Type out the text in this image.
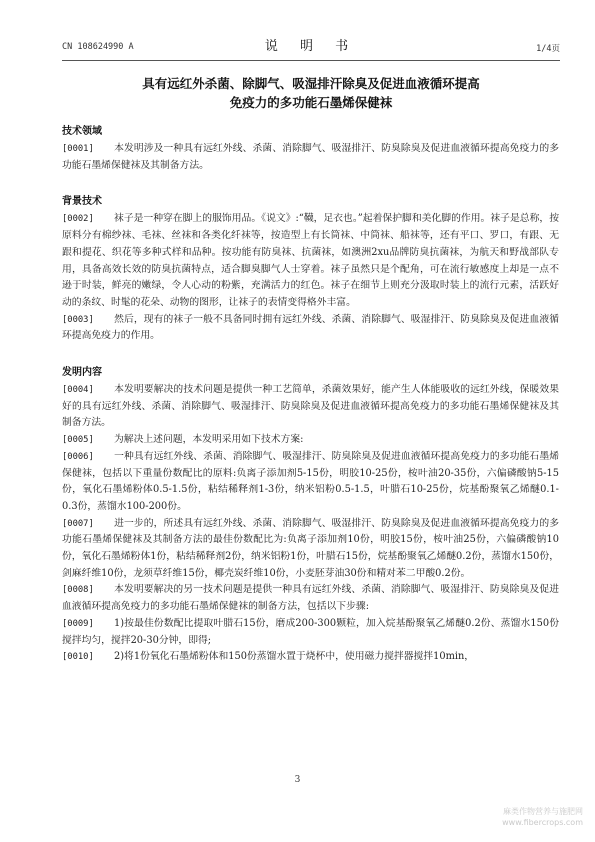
CN 108624990 A	说 明 书	1/4页
具有远红外杀菌、除脚气、吸湿排汗除臭及促进血液循环提高
免疫力的多功能石墨烯保健袜
技术领域

[0001] 本发明涉及一种具有远红外线、杀菌、消除脚气、吸湿排汗、防臭除臭及促进血液循环提高免疫力的多功能石墨烯保健袜及其制备方法。

背景技术

[0002] 袜子是一种穿在脚上的服饰用品。《说文》:“韈，足衣也。”起着保护脚和美化脚的作用。袜子是总称，按原料分有棉纱袜、毛袜、丝袜和各类化纤袜等，按造型上有长筒袜、中筒袜、船袜等，还有平口、罗口，有跟、无跟和提花、织花等多种式样和品种。按功能有防臭袜、抗菌袜，如澳洲2xu品牌防臭抗菌袜，为航天和野战部队专用，具备高效长效的防臭抗菌特点，适合脚臭脚气人士穿着。袜子虽然只是个配角，可在流行敏感度上却是一点不逊于时装，鲜亮的嫩绿，令人心动的粉紫，充满活力的红色。袜子在细节上则充分汲取时装上的流行元素，活跃好动的条纹、时髦的花朵、动物的图形，让袜子的表情变得格外丰富。

[0003] 然后，现有的袜子一般不具备同时拥有远红外线、杀菌、消除脚气、吸湿排汗、防臭除臭及促进血液循环提高免疫力的作用。

发明内容

[0004] 本发明要解决的技术问题是提供一种工艺简单，杀菌效果好，能产生人体能吸收的远红外线，保暖效果好的具有远红外线、杀菌、消除脚气、吸湿排汗、防臭除臭及促进血液循环提高免疫力的多功能石墨烯保健袜及其制备方法。

[0005] 为解决上述问题，本发明采用如下技术方案:

[0006] 一种具有远红外线、杀菌、消除脚气、吸湿排汗、防臭除臭及促进血液循环提高免疫力的多功能石墨烯保健袜，包括以下重量份数配比的原料:负离子添加剂5-15份，明胶10-25份，桉叶油20-35份，六偏磷酸钠5-15份，氧化石墨烯粉体0.5-1.5份，粘结稀释剂1-3份，纳米铝粉0.5-1.5，叶腊石10-25份，烷基酚聚氧乙烯醚0.1-0.3份，蒸馏水100-200份。

[0007] 进一步的，所述具有远红外线、杀菌、消除脚气、吸湿排汗、防臭除臭及促进血液循环提高免疫力的多功能石墨烯保健袜及其制备方法的最佳份数配比为:负离子添加剂10份，明胶15份，桉叶油25份，六偏磷酸钠10份，氧化石墨烯粉体1份，粘结稀释剂2份，纳米铝粉1份，叶腊石15份，烷基酚聚氧乙烯醚0.2份，蒸馏水150份，剑麻纤维10份，龙须草纤维15份，椰壳炭纤维10份，小麦胚芽油30份和精对苯二甲酸0.2份。

[0008] 本发明要解决的另一技术问题是提供一种具有远红外线、杀菌、消除脚气、吸湿排汗、防臭除臭及促进血液循环提高免疫力的多功能石墨烯保健袜的制备方法，包括以下步骤:

[0009] 1)按最佳份数配比提取叶腊石15份，磨成200-300颗粒，加入烷基酚聚氧乙烯醚0.2份、蒸馏水150份搅拌均匀，搅拌20-30分钟，即得;

[0010] 2)将1份氧化石墨烯粉体和150份蒸馏水置于烧杯中，使用磁力搅拌器搅拌10min，

3
麻类作物营养与施肥网
www.fibercrops.com
